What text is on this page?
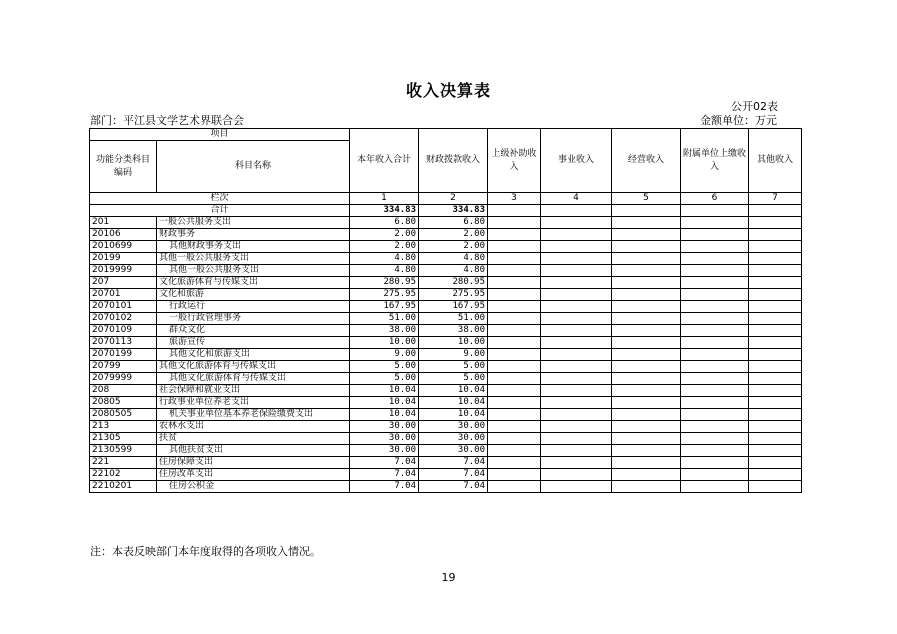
收入决算表
公开02表
部门：平江县文学艺术界联合会	金额单位：万元
项目		本年收入合计	财政拨款收入	上级补助收入	事业收入	经营收入	附属单位上缴收入	其他收入
功能分类科目编码	科目名称							
栏次		1	2	3	4	5	6	7
合计		334.83	334.83					
201	一般公共服务支出	6.80	6.80					
20106	财政事务	2.00	2.00					
2010699	其他财政事务支出	2.00	2.00					
20199	其他一般公共服务支出	4.80	4.80					
2019999	其他一般公共服务支出	4.80	4.80					
207	文化旅游体育与传媒支出	280.95	280.95					
20701	文化和旅游	275.95	275.95					
2070101	行政运行	167.95	167.95					
2070102	一般行政管理事务	51.00	51.00					
2070109	群众文化	38.00	38.00					
2070113	旅游宣传	10.00	10.00					
2070199	其他文化和旅游支出	9.00	9.00					
20799	其他文化旅游体育与传媒支出	5.00	5.00					
2079999	其他文化旅游体育与传媒支出	5.00	5.00					
208	社会保障和就业支出	10.04	10.04					
20805	行政事业单位养老支出	10.04	10.04					
2080505	机关事业单位基本养老保险缴费支出	10.04	10.04					
213	农林水支出	30.00	30.00					
21305	扶贫	30.00	30.00					
2130599	其他扶贫支出	30.00	30.00					
221	住房保障支出	7.04	7.04					
22102	住房改革支出	7.04	7.04					
2210201	住房公积金	7.04	7.04					
注：本表反映部门本年度取得的各项收入情况。
19
